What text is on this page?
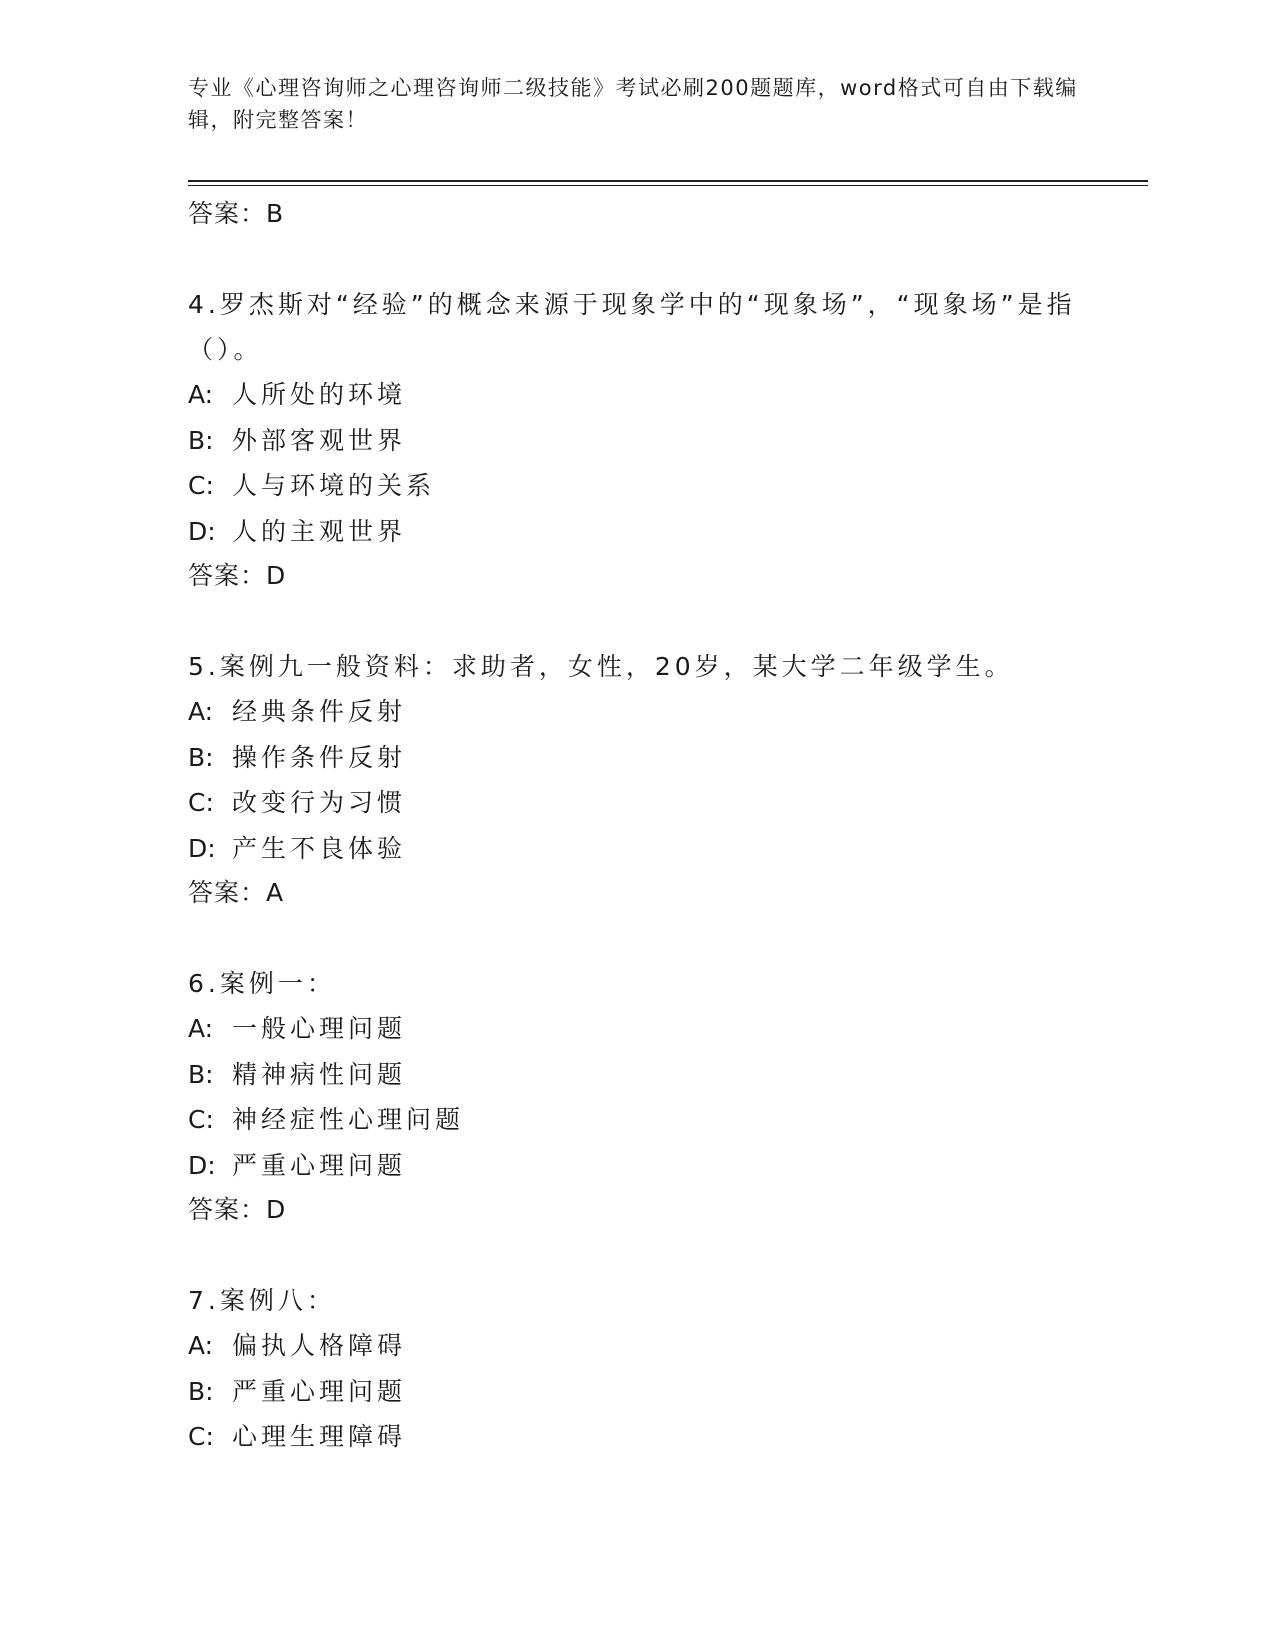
专业《心理咨询师之心理咨询师二级技能》考试必刷200题题库，word格式可自由下载编辑，附完整答案！
答案：B
4.罗杰斯对“经验”的概念来源于现象学中的“现象场”，“现象场”是指（）。
A: 人所处的环境
B: 外部客观世界
C: 人与环境的关系
D: 人的主观世界
答案：D
5.案例九一般资料：求助者，女性，20岁，某大学二年级学生。
A: 经典条件反射
B: 操作条件反射
C: 改变行为习惯
D: 产生不良体验
答案：A
6.案例一：
A: 一般心理问题
B: 精神病性问题
C: 神经症性心理问题
D: 严重心理问题
答案：D
7.案例八：
A: 偏执人格障碍
B: 严重心理问题
C: 心理生理障碍
